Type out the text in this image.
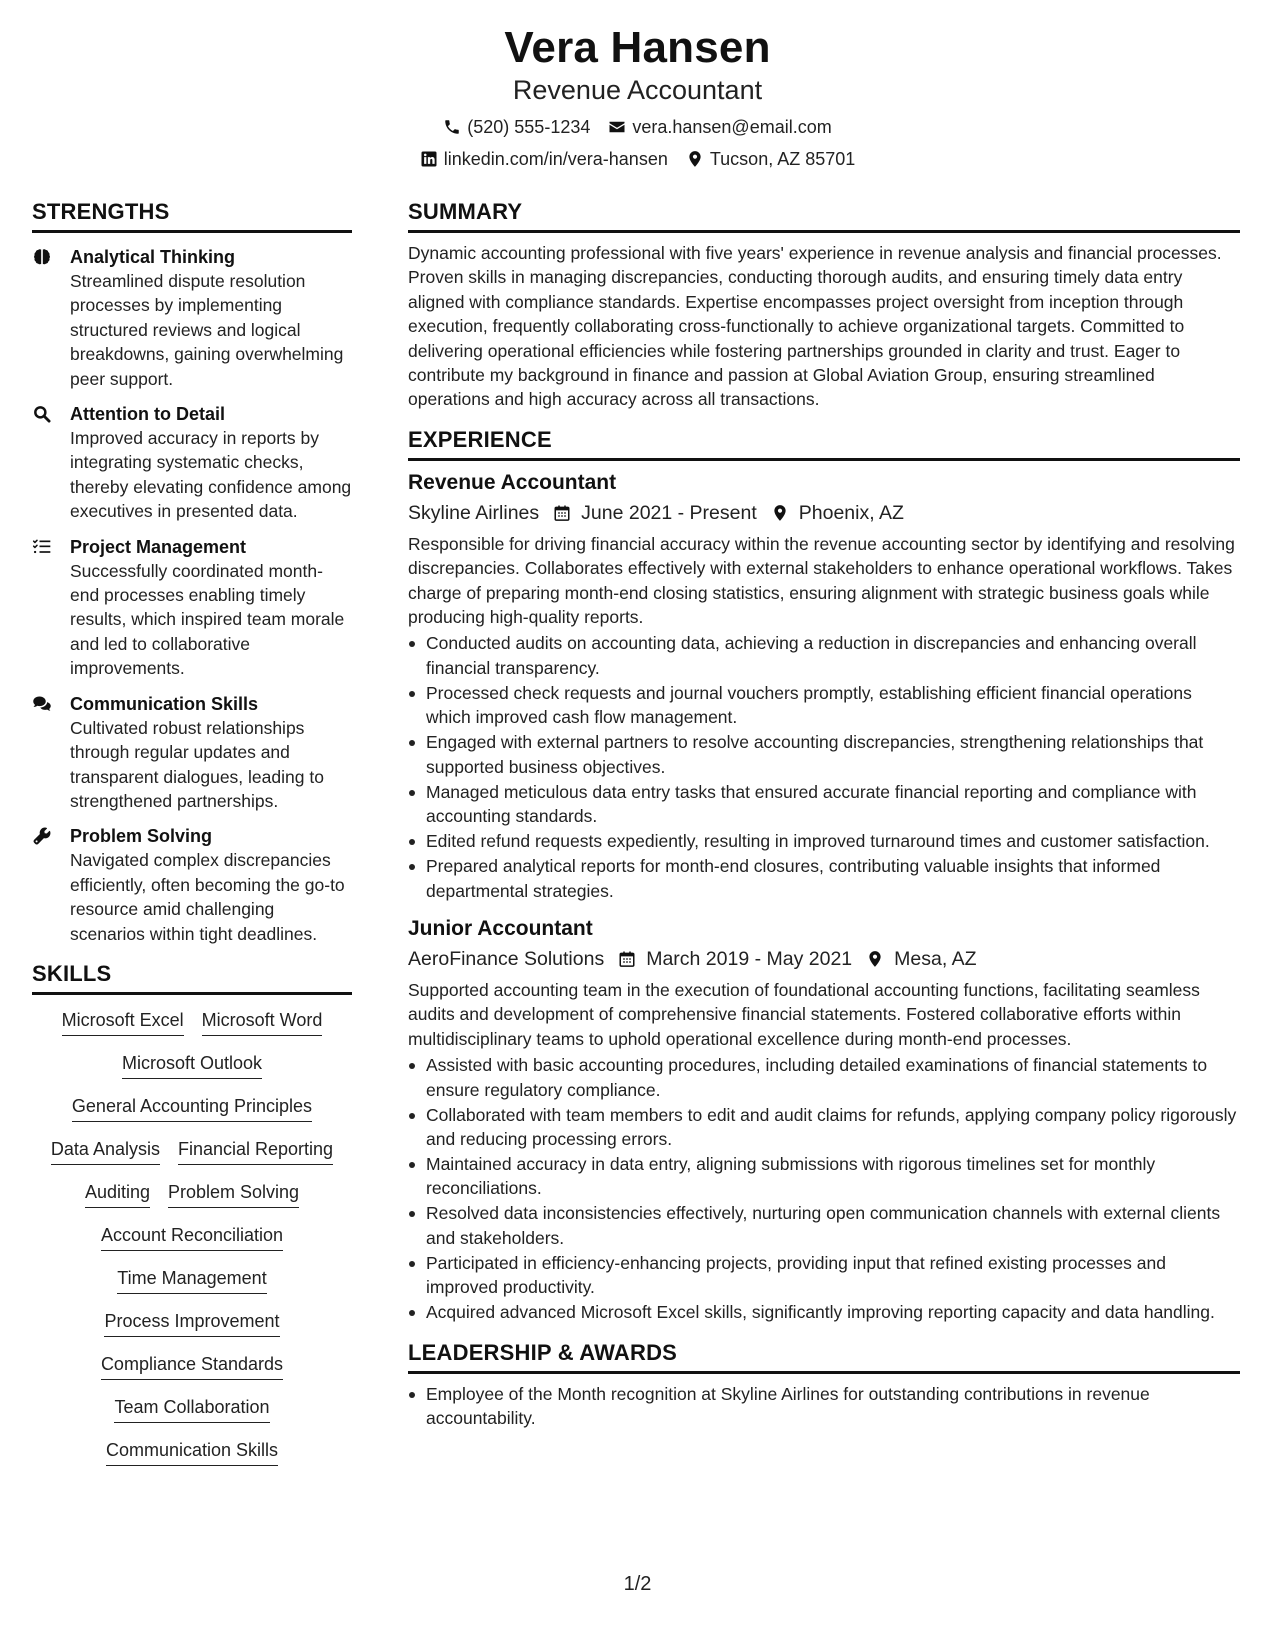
Vera Hansen
Revenue Accountant
(520) 555-1234 vera.hansen@email.com
linkedin.com/in/vera-hansen Tucson, AZ 85701
STRENGTHS
Analytical Thinking
Streamlined dispute resolution processes by implementing structured reviews and logical breakdowns, gaining overwhelming peer support.
Attention to Detail
Improved accuracy in reports by integrating systematic checks, thereby elevating confidence among executives in presented data.
Project Management
Successfully coordinated month-end processes enabling timely results, which inspired team morale and led to collaborative improvements.
Communication Skills
Cultivated robust relationships through regular updates and transparent dialogues, leading to strengthened partnerships.
Problem Solving
Navigated complex discrepancies efficiently, often becoming the go-to resource amid challenging scenarios within tight deadlines.
SKILLS
Microsoft Excel Microsoft Word
Microsoft Outlook
General Accounting Principles
Data Analysis Financial Reporting
Auditing Problem Solving
Account Reconciliation
Time Management
Process Improvement
Compliance Standards
Team Collaboration
Communication Skills
SUMMARY
Dynamic accounting professional with five years' experience in revenue analysis and financial processes. Proven skills in managing discrepancies, conducting thorough audits, and ensuring timely data entry aligned with compliance standards. Expertise encompasses project oversight from inception through execution, frequently collaborating cross-functionally to achieve organizational targets. Committed to delivering operational efficiencies while fostering partnerships grounded in clarity and trust. Eager to contribute my background in finance and passion at Global Aviation Group, ensuring streamlined operations and high accuracy across all transactions.
EXPERIENCE
Revenue Accountant
Skyline Airlines June 2021 - Present Phoenix, AZ
Responsible for driving financial accuracy within the revenue accounting sector by identifying and resolving discrepancies. Collaborates effectively with external stakeholders to enhance operational workflows. Takes charge of preparing month-end closing statistics, ensuring alignment with strategic business goals while producing high-quality reports.
Conducted audits on accounting data, achieving a reduction in discrepancies and enhancing overall financial transparency.
Processed check requests and journal vouchers promptly, establishing efficient financial operations which improved cash flow management.
Engaged with external partners to resolve accounting discrepancies, strengthening relationships that supported business objectives.
Managed meticulous data entry tasks that ensured accurate financial reporting and compliance with accounting standards.
Edited refund requests expediently, resulting in improved turnaround times and customer satisfaction.
Prepared analytical reports for month-end closures, contributing valuable insights that informed departmental strategies.
Junior Accountant
AeroFinance Solutions March 2019 - May 2021 Mesa, AZ
Supported accounting team in the execution of foundational accounting functions, facilitating seamless audits and development of comprehensive financial statements. Fostered collaborative efforts within multidisciplinary teams to uphold operational excellence during month-end processes.
Assisted with basic accounting procedures, including detailed examinations of financial statements to ensure regulatory compliance.
Collaborated with team members to edit and audit claims for refunds, applying company policy rigorously and reducing processing errors.
Maintained accuracy in data entry, aligning submissions with rigorous timelines set for monthly reconciliations.
Resolved data inconsistencies effectively, nurturing open communication channels with external clients and stakeholders.
Participated in efficiency-enhancing projects, providing input that refined existing processes and improved productivity.
Acquired advanced Microsoft Excel skills, significantly improving reporting capacity and data handling.
LEADERSHIP & AWARDS
Employee of the Month recognition at Skyline Airlines for outstanding contributions in revenue accountability.
1/2
